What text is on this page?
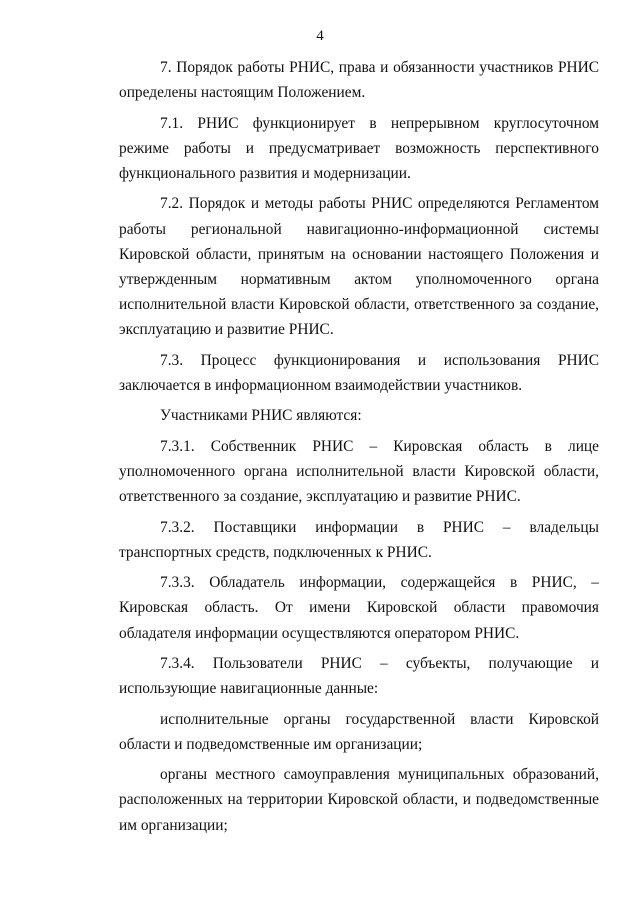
4

7. Порядок работы РНИС, права и обязанности участников РНИС определены настоящим Положением.

7.1. РНИС функционирует в непрерывном круглосуточном режиме работы и предусматривает возможность перспективного функционального развития и модернизации.

7.2. Порядок и методы работы РНИС определяются Регламентом работы региональной навигационно-информационной системы Кировской области, принятым на основании настоящего Положения и утвержденным нормативным актом уполномоченного органа исполнительной власти Кировской области, ответственного за создание, эксплуатацию и развитие РНИС.

7.3. Процесс функционирования и использования РНИС заключается в информационном взаимодействии участников.

Участниками РНИС являются:

7.3.1. Собственник РНИС – Кировская область в лице уполномоченного органа исполнительной власти Кировской области, ответственного за создание, эксплуатацию и развитие РНИС.

7.3.2. Поставщики информации в РНИС – владельцы транспортных средств, подключенных к РНИС.

7.3.3. Обладатель информации, содержащейся в РНИС, – Кировская область. От имени Кировской области правомочия обладателя информации осуществляются оператором РНИС.

7.3.4. Пользователи РНИС – субъекты, получающие и использующие навигационные данные:

исполнительные органы государственной власти Кировской области и подведомственные им организации;

органы местного самоуправления муниципальных образований, расположенных на территории Кировской области, и подведомственные им организации;
